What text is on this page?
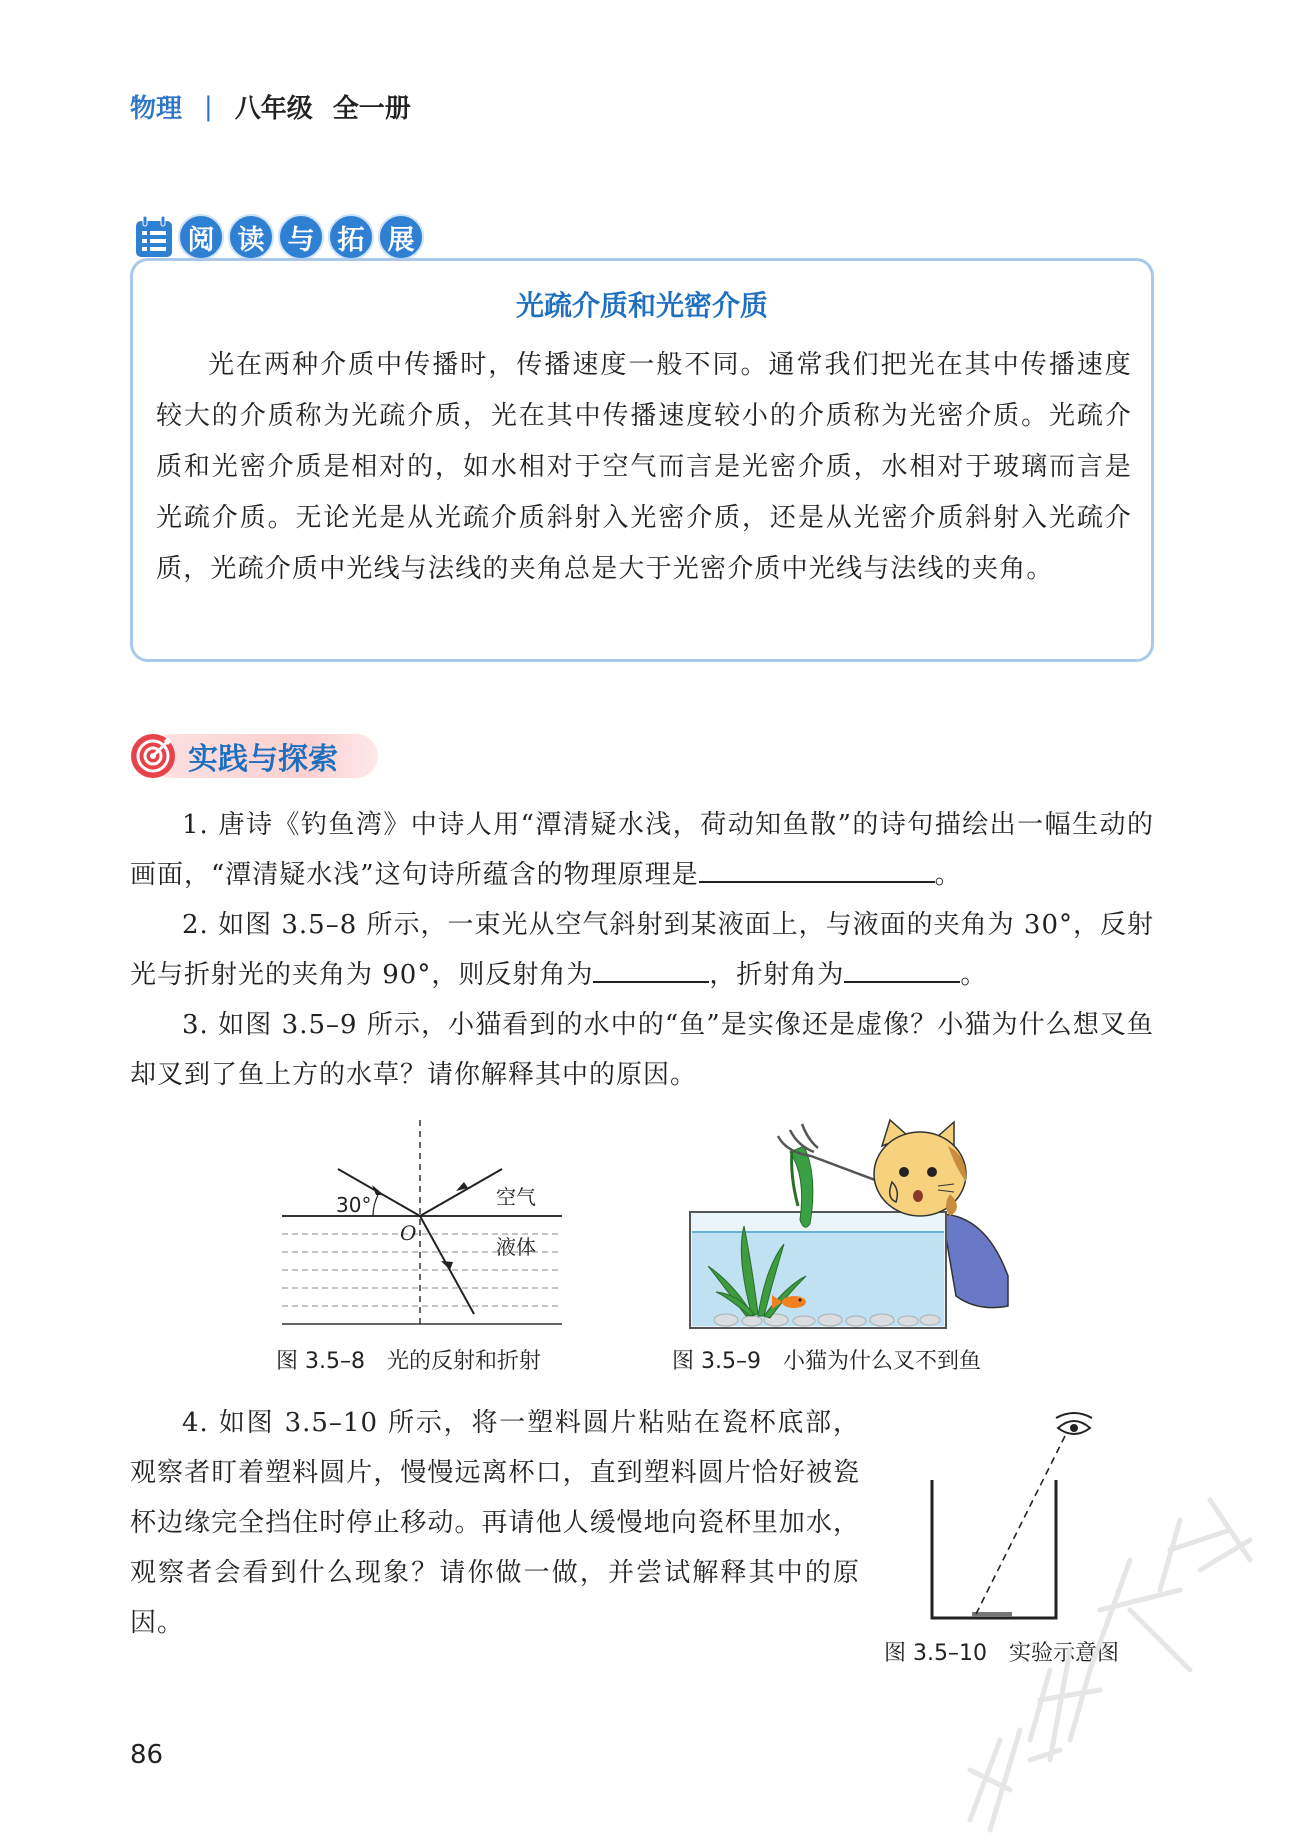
物理 | 八年级 全一册
阅 读 与 拓 展
光疏介质和光密介质

光在两种介质中传播时，传播速度一般不同。通常我们把光在其中传播速度较大的介质称为光疏介质，光在其中传播速度较小的介质称为光密介质。光疏介质和光密介质是相对的，如水相对于空气而言是光密介质，水相对于玻璃而言是光疏介质。无论光是从光疏介质斜射入光密介质，还是从光密介质斜射入光疏介质，光疏介质中光线与法线的夹角总是大于光密介质中光线与法线的夹角。

实践与探索

1. 唐诗《钓鱼湾》中诗人用“潭清疑水浅，荷动知鱼散”的诗句描绘出一幅生动的画面，“潭清疑水浅”这句诗所蕴含的物理原理是	。

2. 如图 3.5–8 所示，一束光从空气斜射到某液面上，与液面的夹角为 30°，反射光与折射光的夹角为 90°，则反射角为	，折射角为	。

3. 如图 3.5–9 所示，小猫看到的水中的“鱼”是实像还是虚像？小猫为什么想叉鱼却叉到了鱼上方的水草？请你解释其中的原因。

30°
O
空气
液体
图 3.5–8　光的反射和折射	图 3.5–9　小猫为什么叉不到鱼

4. 如图 3.5–10 所示，将一塑料圆片粘贴在瓷杯底部，观察者盯着塑料圆片，慢慢远离杯口，直到塑料圆片恰好被瓷杯边缘完全挡住时停止移动。再请他人缓慢地向瓷杯里加水，观察者会看到什么现象？请你做一做，并尝试解释其中的原因。

图 3.5–10　实验示意图
86
